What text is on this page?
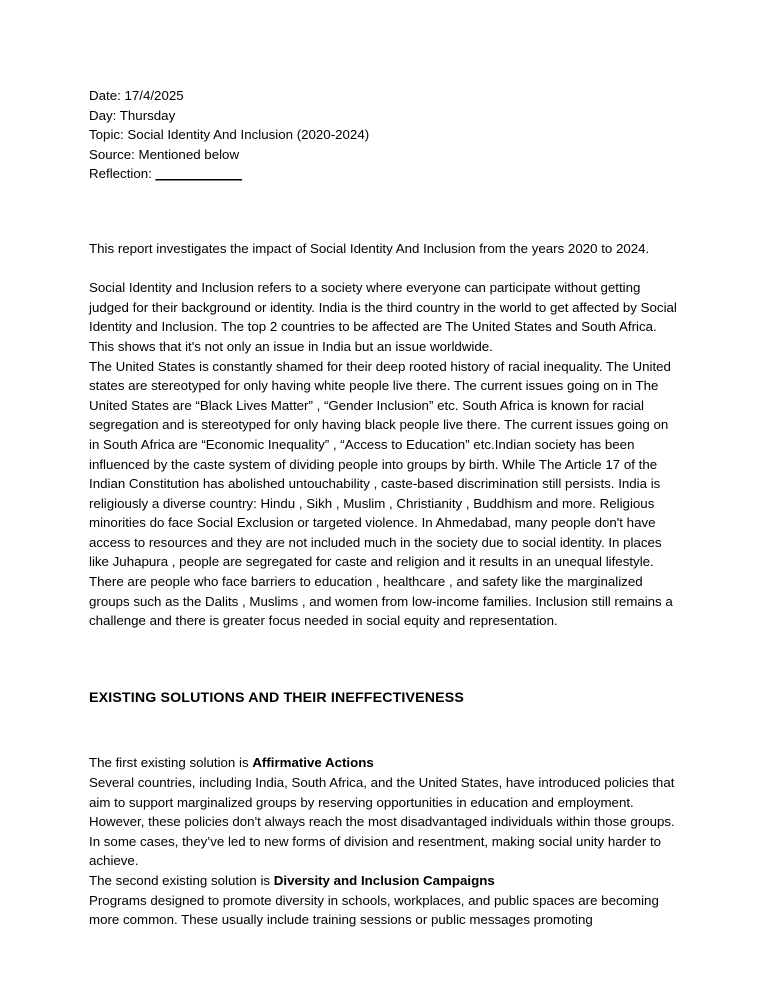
Date: 17/4/2025
Day: Thursday
Topic: Social Identity And Inclusion (2020-2024)
Source: Mentioned below
Reflection: ____________

This report investigates the impact of Social Identity And Inclusion from the years 2020 to 2024.

Social Identity and Inclusion refers to a society where everyone can participate without getting judged for their background or identity. India is the third country in the world to get affected by Social Identity and Inclusion. The top 2 countries to be affected are The United States and South Africa. This shows that it's not only an issue in India but an issue worldwide.

The United States is constantly shamed for their deep rooted history of racial inequality. The United states are stereotyped for only having white people live there. The current issues going on in The United States are “Black Lives Matter” , “Gender Inclusion” etc. South Africa is known for racial segregation and is stereotyped for only having black people live there. The current issues going on in South Africa are “Economic Inequality” , “Access to Education” etc.Indian society has been influenced by the caste system of dividing people into groups by birth. While The Article 17 of the Indian Constitution has abolished untouchability , caste-based discrimination still persists. India is religiously a diverse country: Hindu , Sikh , Muslim , Christianity , Buddhism and more. Religious minorities do face Social Exclusion or targeted violence. In Ahmedabad, many people don't have access to resources and they are not included much in the society due to social identity. In places like Juhapura , people are segregated for caste and religion and it results in an unequal lifestyle. There are people who face barriers to education , healthcare , and safety like the marginalized groups such as the Dalits , Muslims , and women from low-income families. Inclusion still remains a challenge and there is greater focus needed in social equity and representation.

EXISTING SOLUTIONS AND THEIR INEFFECTIVENESS

The first existing solution is Affirmative Actions

Several countries, including India, South Africa, and the United States, have introduced policies that aim to support marginalized groups by reserving opportunities in education and employment. However, these policies don't always reach the most disadvantaged individuals within those groups. In some cases, they’ve led to new forms of division and resentment, making social unity harder to achieve.

The second existing solution is Diversity and Inclusion Campaigns

Programs designed to promote diversity in schools, workplaces, and public spaces are becoming more common. These usually include training sessions or public messages promoting
